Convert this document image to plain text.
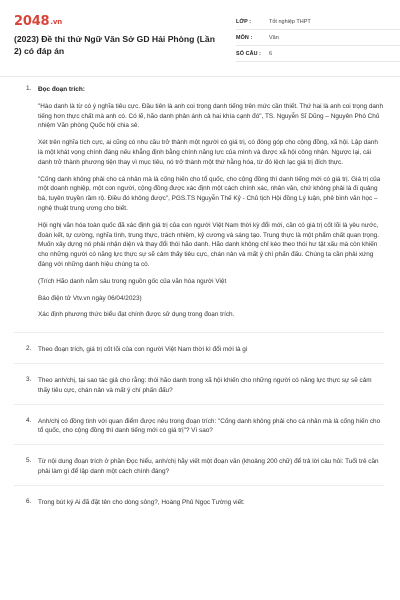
2048.vn
(2023) Đề thi thử Ngữ Văn Sở GD Hải Phòng (Lần 2) có đáp án
LỚP :	Tốt nghiệp THPT
MÔN :	Văn
SỐ CÂU :	6
1.	Đọc đoạn trích:
"Hào danh là từ có ý nghĩa tiêu cực. Đầu tiên là anh coi trọng danh tiếng trên mức cần thiết. Thứ hai là anh coi trọng danh tiếng hơn thực chất mà anh có. Có lẽ, hão danh phản ánh cả hai khía cạnh đó", TS. Nguyễn Sĩ Dũng – Nguyên Phó Chủ nhiệm Văn phòng Quốc hội chia sẻ.
Xét trên nghĩa tích cực, ai cũng có nhu cầu trở thành một người có giá trị, có đóng góp cho cộng đồng, xã hội. Lập danh là một khát vọng chính đáng nếu khẳng định bằng chính năng lực của mình và được xã hội công nhận. Ngược lại, cái danh trở thành phương tiện thay vì mục tiêu, nó trở thành một thứ hằng hóa, từ đó lệch lạc giá trị đích thực.
"Cống danh không phải cho cá nhân mà là cống hiến cho tổ quốc, cho cộng đồng thì danh tiếng mới có giá trị. Giá trị của một doanh nghiệp, một con người, cộng đồng được xác định một cách chính xác, nhân văn, chứ không phải là đi quảng bá, tuyên truyền rầm rộ. Điều đó không được", PGS.TS Nguyễn Thế Kỷ - Chủ tịch Hội đồng Lý luận, phê bình văn học – nghệ thuật trung ương cho biết.
Hội nghị văn hóa toàn quốc đã xác định giá trị của con người Việt Nam thời kỳ đổi mới, cần có giá trị cốt lõi là yêu nước, đoàn kết, tự cường, nghĩa tình, trung thực, trách nhiệm, kỷ cương và sáng tạo. Trung thực là một phẩm chất quan trọng. Muốn xây dựng nó phải nhận diện và thay đổi thói hão danh. Hão danh không chỉ kéo theo thói hư tật xấu mà còn khiến cho những người có năng lực thực sự sẽ cảm thấy tiêu cực, chán nản và mất ý chí phấn đấu. Chúng ta cần phải xứng đáng với những danh hiệu chúng ta có.
(Trích Hão danh nằm sâu trong nguồn gốc của văn hóa người Việt
Báo điện tử Vtv.vn ngày 06/04/2023)
Xác định phương thức biểu đạt chính được sử dụng trong đoạn trích.
2.	Theo đoạn trích, giá trị cốt lõi của con người Việt Nam thời kì đổi mới là gì
3.	Theo anh/chị, tại sao tác giả cho rằng: thói hão danh trong xã hội khiến cho những người có năng lực thực sự sẽ cảm thấy tiêu cực, chán nản và mất ý chí phấn đấu?
4.	Anh/chị có đồng tình với quan điểm được nêu trong đoạn trích: "Cống danh không phải cho cá nhân mà là cống hiến cho tổ quốc, cho cộng đồng thì danh tiếng mới có giá trị"? Vì sao?
5.	Từ nội dung đoạn trích ở phần Đọc hiểu, anh/chị hãy viết một đoạn văn (khoảng 200 chữ) để trả lời câu hỏi: Tuổi trẻ cần phải làm gì để lập danh một cách chính đáng?
6.	Trong bút ký Ai đã đặt tên cho dòng sông?, Hoàng Phủ Ngọc Tường viết:
